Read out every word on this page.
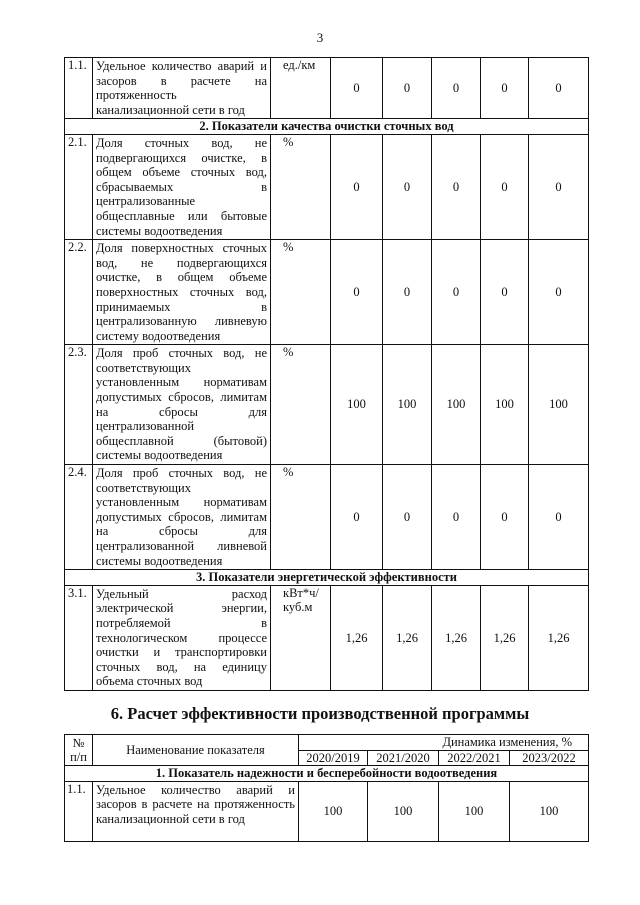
3
1.1.	Удельное количество аварий и засоров в расчете на протяженность канализационной сети в год	ед./км	0	0	0	0	0
2. Показатели качества очистки сточных вод							
2.1.	Доля сточных вод, не подвергающихся очистке, в общем объеме сточных вод, сбрасываемых в централизованные общесплавные или бытовые системы водоотведения	%	0	0	0	0	0
2.2.	Доля поверхностных сточных вод, не подвергающихся очистке, в общем объеме поверхностных сточных вод, принимаемых в централизованную ливневую систему водоотведения	%	0	0	0	0	0
2.3.	Доля проб сточных вод, не соответствующих установленным нормативам допустимых сбросов, лимитам на сбросы для централизованной общесплавной (бытовой) системы водоотведения	%	100	100	100	100	100
2.4.	Доля проб сточных вод, не соответствующих установленным нормативам допустимых сбросов, лимитам на сбросы для централизованной ливневой системы водоотведения	%	0	0	0	0	0
3. Показатели энергетической эффективности							
3.1.	Удельный расход электрической энергии, потребляемой в технологическом процессе очистки и транспортировки сточных вод, на единицу объема сточных вод	кВт*ч/ куб.м	1,26	1,26	1,26	1,26	1,26
6. Расчет эффективности производственной программы
№ п/п	Наименование показателя	Динамика изменения, %			
		2020/2019	2021/2020	2022/2021	2023/2022
1. Показатель надежности и бесперебойности водоотведения					
1.1.	Удельное количество аварий и засоров в расчете на протяженность канализационной сети в год	100	100	100	100
